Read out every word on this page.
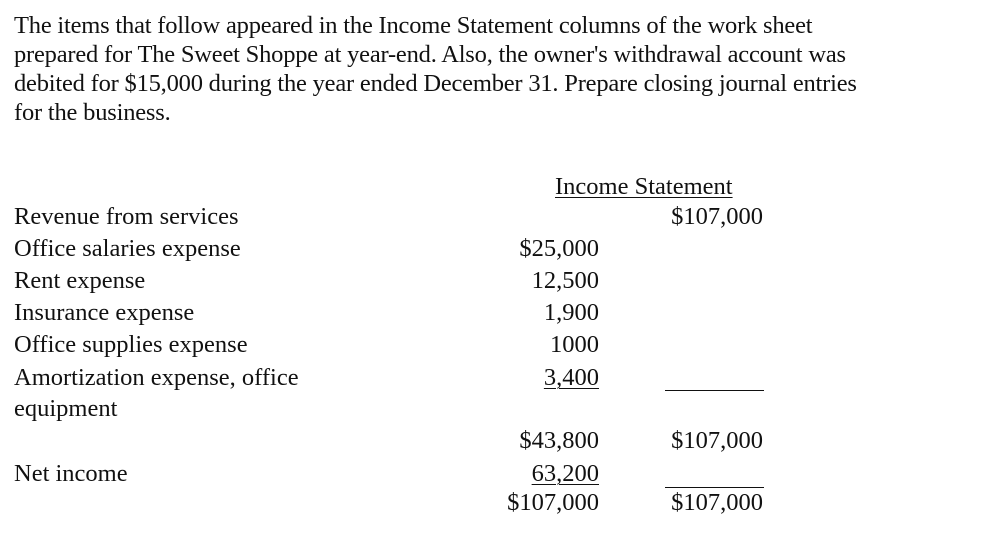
The items that follow appeared in the Income Statement columns of the work sheet
prepared for The Sweet Shoppe at year-end. Also, the owner's withdrawal account was
debited for $15,000 during the year ended December 31. Prepare closing journal entries
for the business.
Income Statement
Revenue from services
Office salaries expense
Rent expense
Insurance expense
Office supplies expense
Amortization expense, office
equipment
Net income
$107,000
$25,000
12,500
1,900
1000
3,400
$43,800	$107,000
63,200
$107,000	$107,000
